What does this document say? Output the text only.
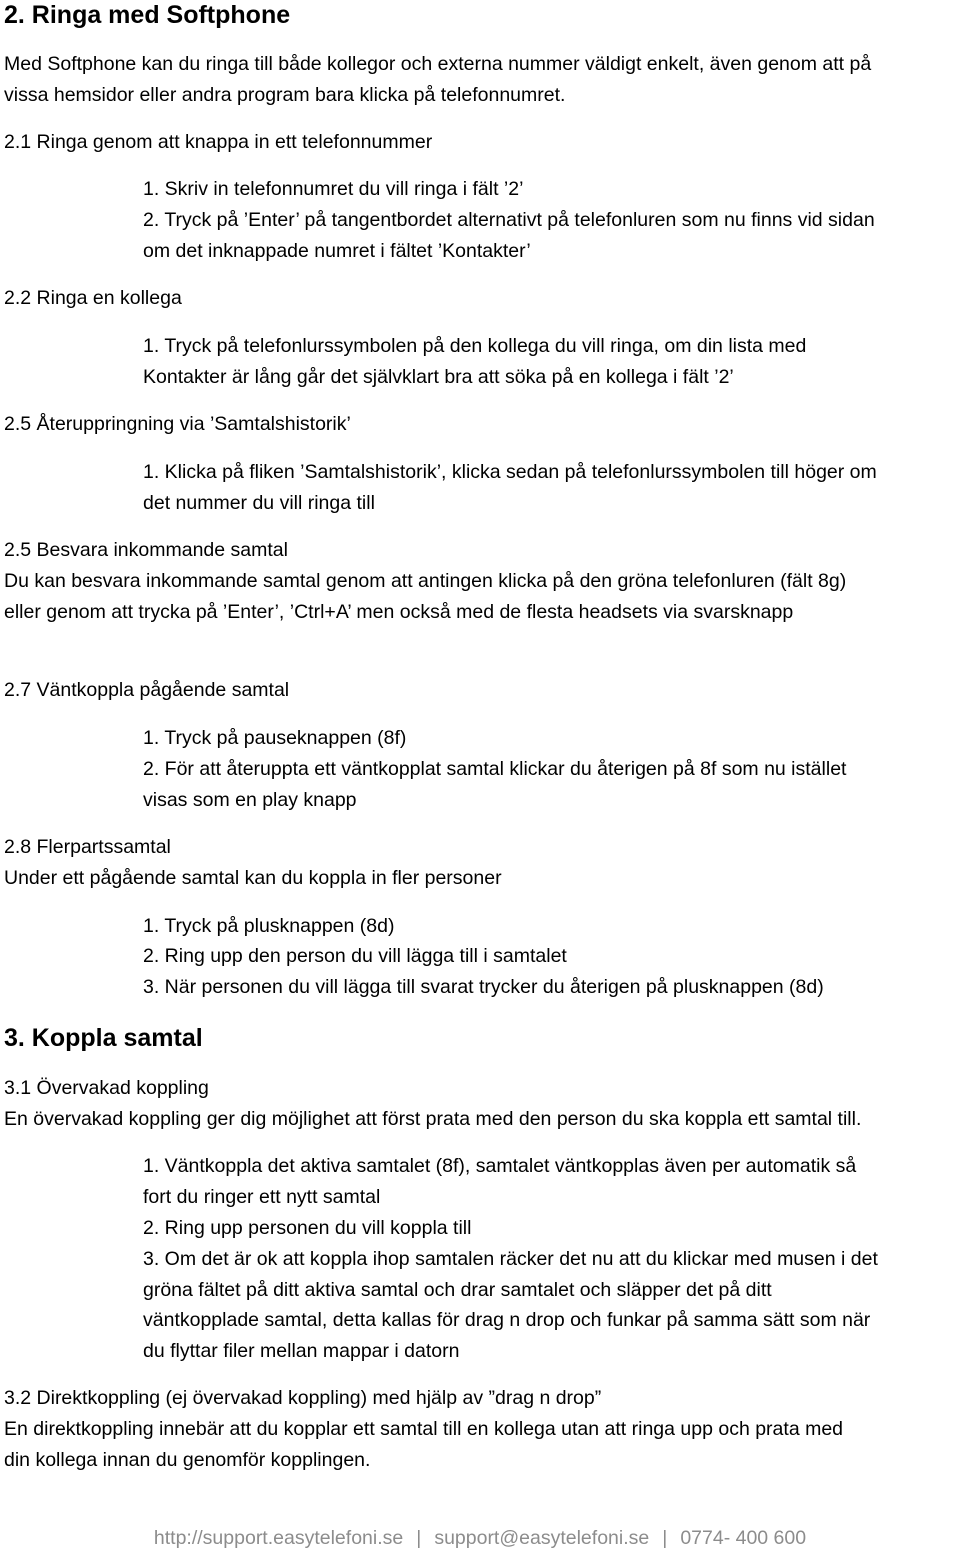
2. Ringa med Softphone
Med Softphone kan du ringa till både kollegor och externa nummer väldigt enkelt, även genom att på
vissa hemsidor eller andra program bara klicka på telefonnumret.
2.1 Ringa genom att knappa in ett telefonnummer
1. Skriv in telefonnumret du vill ringa i fält ’2’
2. Tryck på ’Enter’ på tangentbordet alternativt på telefonluren som nu finns vid sidan
om det inknappade numret i fältet ’Kontakter’
2.2 Ringa en kollega
1. Tryck på telefonlurssymbolen på den kollega du vill ringa, om din lista med
Kontakter är lång går det självklart bra att söka på en kollega i fält ’2’
2.5 Återuppringning via ’Samtalshistorik’
1. Klicka på fliken ’Samtalshistorik’, klicka sedan på telefonlurssymbolen till höger om
det nummer du vill ringa till
2.5 Besvara inkommande samtal
Du kan besvara inkommande samtal genom att antingen klicka på den gröna telefonluren (fält 8g)
eller genom att trycka på ’Enter’, ’Ctrl+A’ men också med de flesta headsets via svarsknapp
2.7 Väntkoppla pågående samtal
1. Tryck på pauseknappen (8f)
2. För att återuppta ett väntkopplat samtal klickar du återigen på 8f som nu istället
visas som en play knapp
2.8 Flerpartssamtal
Under ett pågående samtal kan du koppla in fler personer
1. Tryck på plusknappen (8d)
2. Ring upp den person du vill lägga till i samtalet
3. När personen du vill lägga till svarat trycker du återigen på plusknappen (8d)
3. Koppla samtal
3.1 Övervakad koppling
En övervakad koppling ger dig möjlighet att först prata med den person du ska koppla ett samtal till.
1. Väntkoppla det aktiva samtalet (8f), samtalet väntkopplas även per automatik så
fort du ringer ett nytt samtal
2. Ring upp personen du vill koppla till
3. Om det är ok att koppla ihop samtalen räcker det nu att du klickar med musen i det
gröna fältet på ditt aktiva samtal och drar samtalet och släpper det på ditt
väntkopplade samtal, detta kallas för drag n drop och funkar på samma sätt som när
du flyttar filer mellan mappar i datorn
3.2 Direktkoppling (ej övervakad koppling) med hjälp av ”drag n drop”
En direktkoppling innebär att du kopplar ett samtal till en kollega utan att ringa upp och prata med
din kollega innan du genomför kopplingen.
http://support.easytelefoni.se | support@easytelefoni.se | 0774- 400 600
